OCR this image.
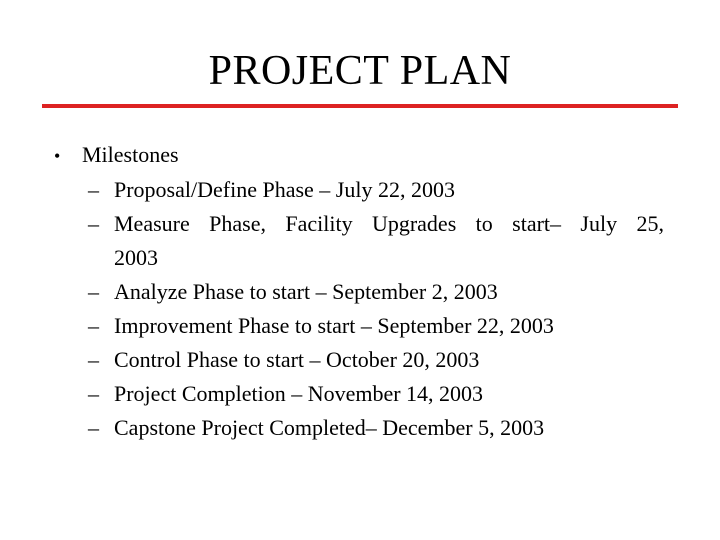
PROJECT PLAN
• Milestones
– Proposal/Define Phase – July 22, 2003
– Measure Phase, Facility Upgrades to start– July 25,
2003
– Analyze Phase to start – September 2, 2003
– Improvement Phase to start – September 22, 2003
– Control Phase to start – October 20, 2003
– Project Completion – November 14, 2003
– Capstone Project Completed– December 5, 2003
